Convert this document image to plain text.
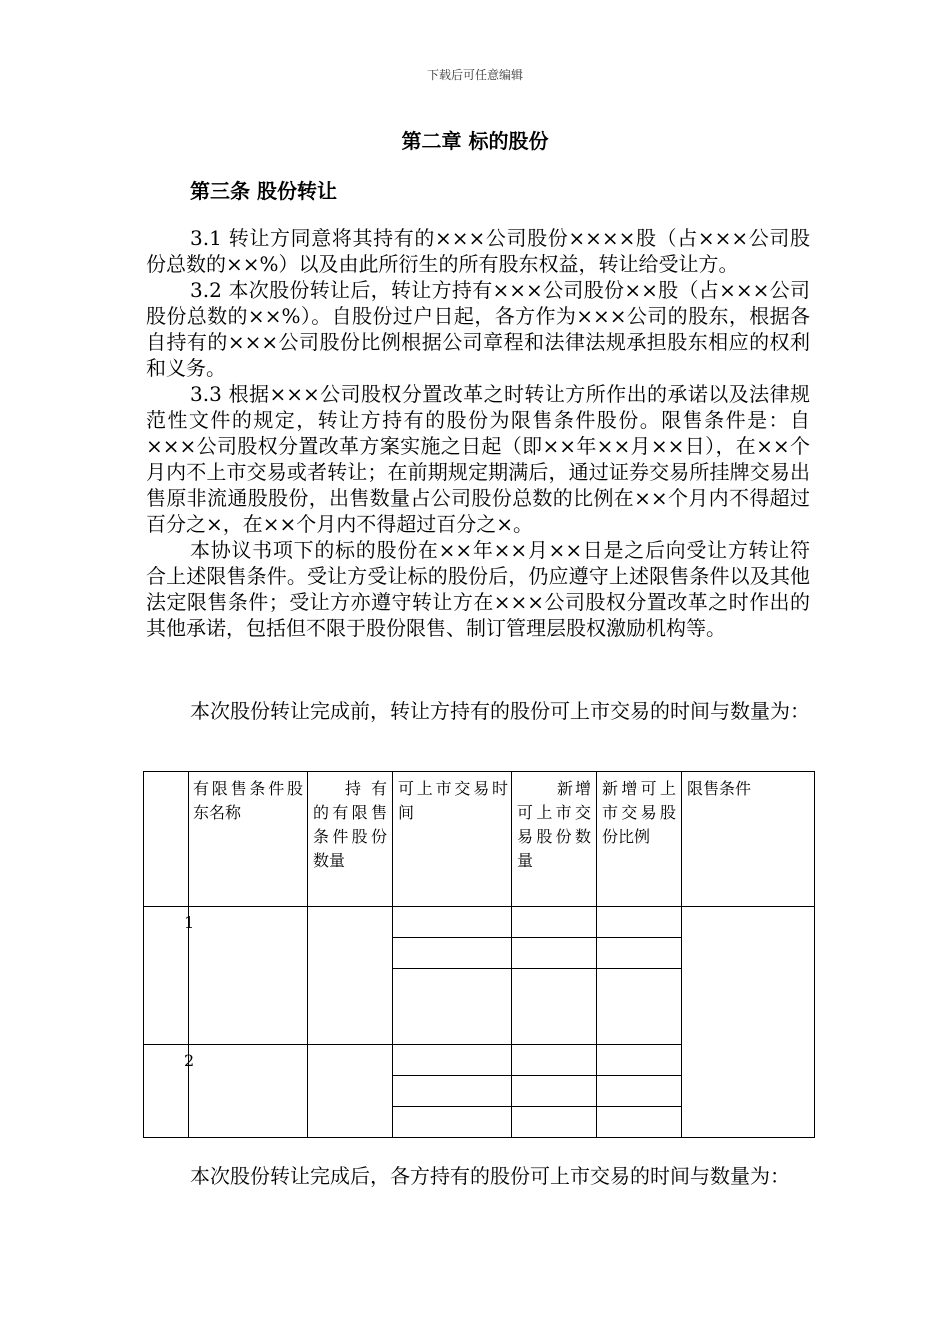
下载后可任意编辑
第二章 标的股份
第三条 股份转让

3.1 转让方同意将其持有的×××公司股份××××股（占×××公司股份总数的××%）以及由此所衍生的所有股东权益，转让给受让方。

3.2 本次股份转让后，转让方持有×××公司股份××股（占×××公司股份总数的××%）。自股份过户日起，各方作为×××公司的股东，根据各自持有的×××公司股份比例根据公司章程和法律法规承担股东相应的权利和义务。

3.3 根据×××公司股权分置改革之时转让方所作出的承诺以及法律规范性文件的规定，转让方持有的股份为限售条件股份。限售条件是：自×××公司股权分置改革方案实施之日起（即××年××月××日），在××个月内不上市交易或者转让；在前期规定期满后，通过证券交易所挂牌交易出售原非流通股股份，出售数量占公司股份总数的比例在××个月内不得超过百分之×，在××个月内不得超过百分之×。

本协议书项下的标的股份在××年××月××日是之后向受让方转让符合上述限售条件。受让方受让标的股份后，仍应遵守上述限售条件以及其他法定限售条件；受让方亦遵守转让方在×××公司股权分置改革之时作出的其他承诺，包括但不限于股份限售、制订管理层股权激励机构等。

本次股份转让完成前，转让方持有的股份可上市交易的时间与数量为：

有限售条件股东名称
持有的有限售条件股份数量
可上市交易时间
新增可上市交易股份数量
新增可上市交易股份比例
限售条件
1
2

本次股份转让完成后，各方持有的股份可上市交易的时间与数量为：
